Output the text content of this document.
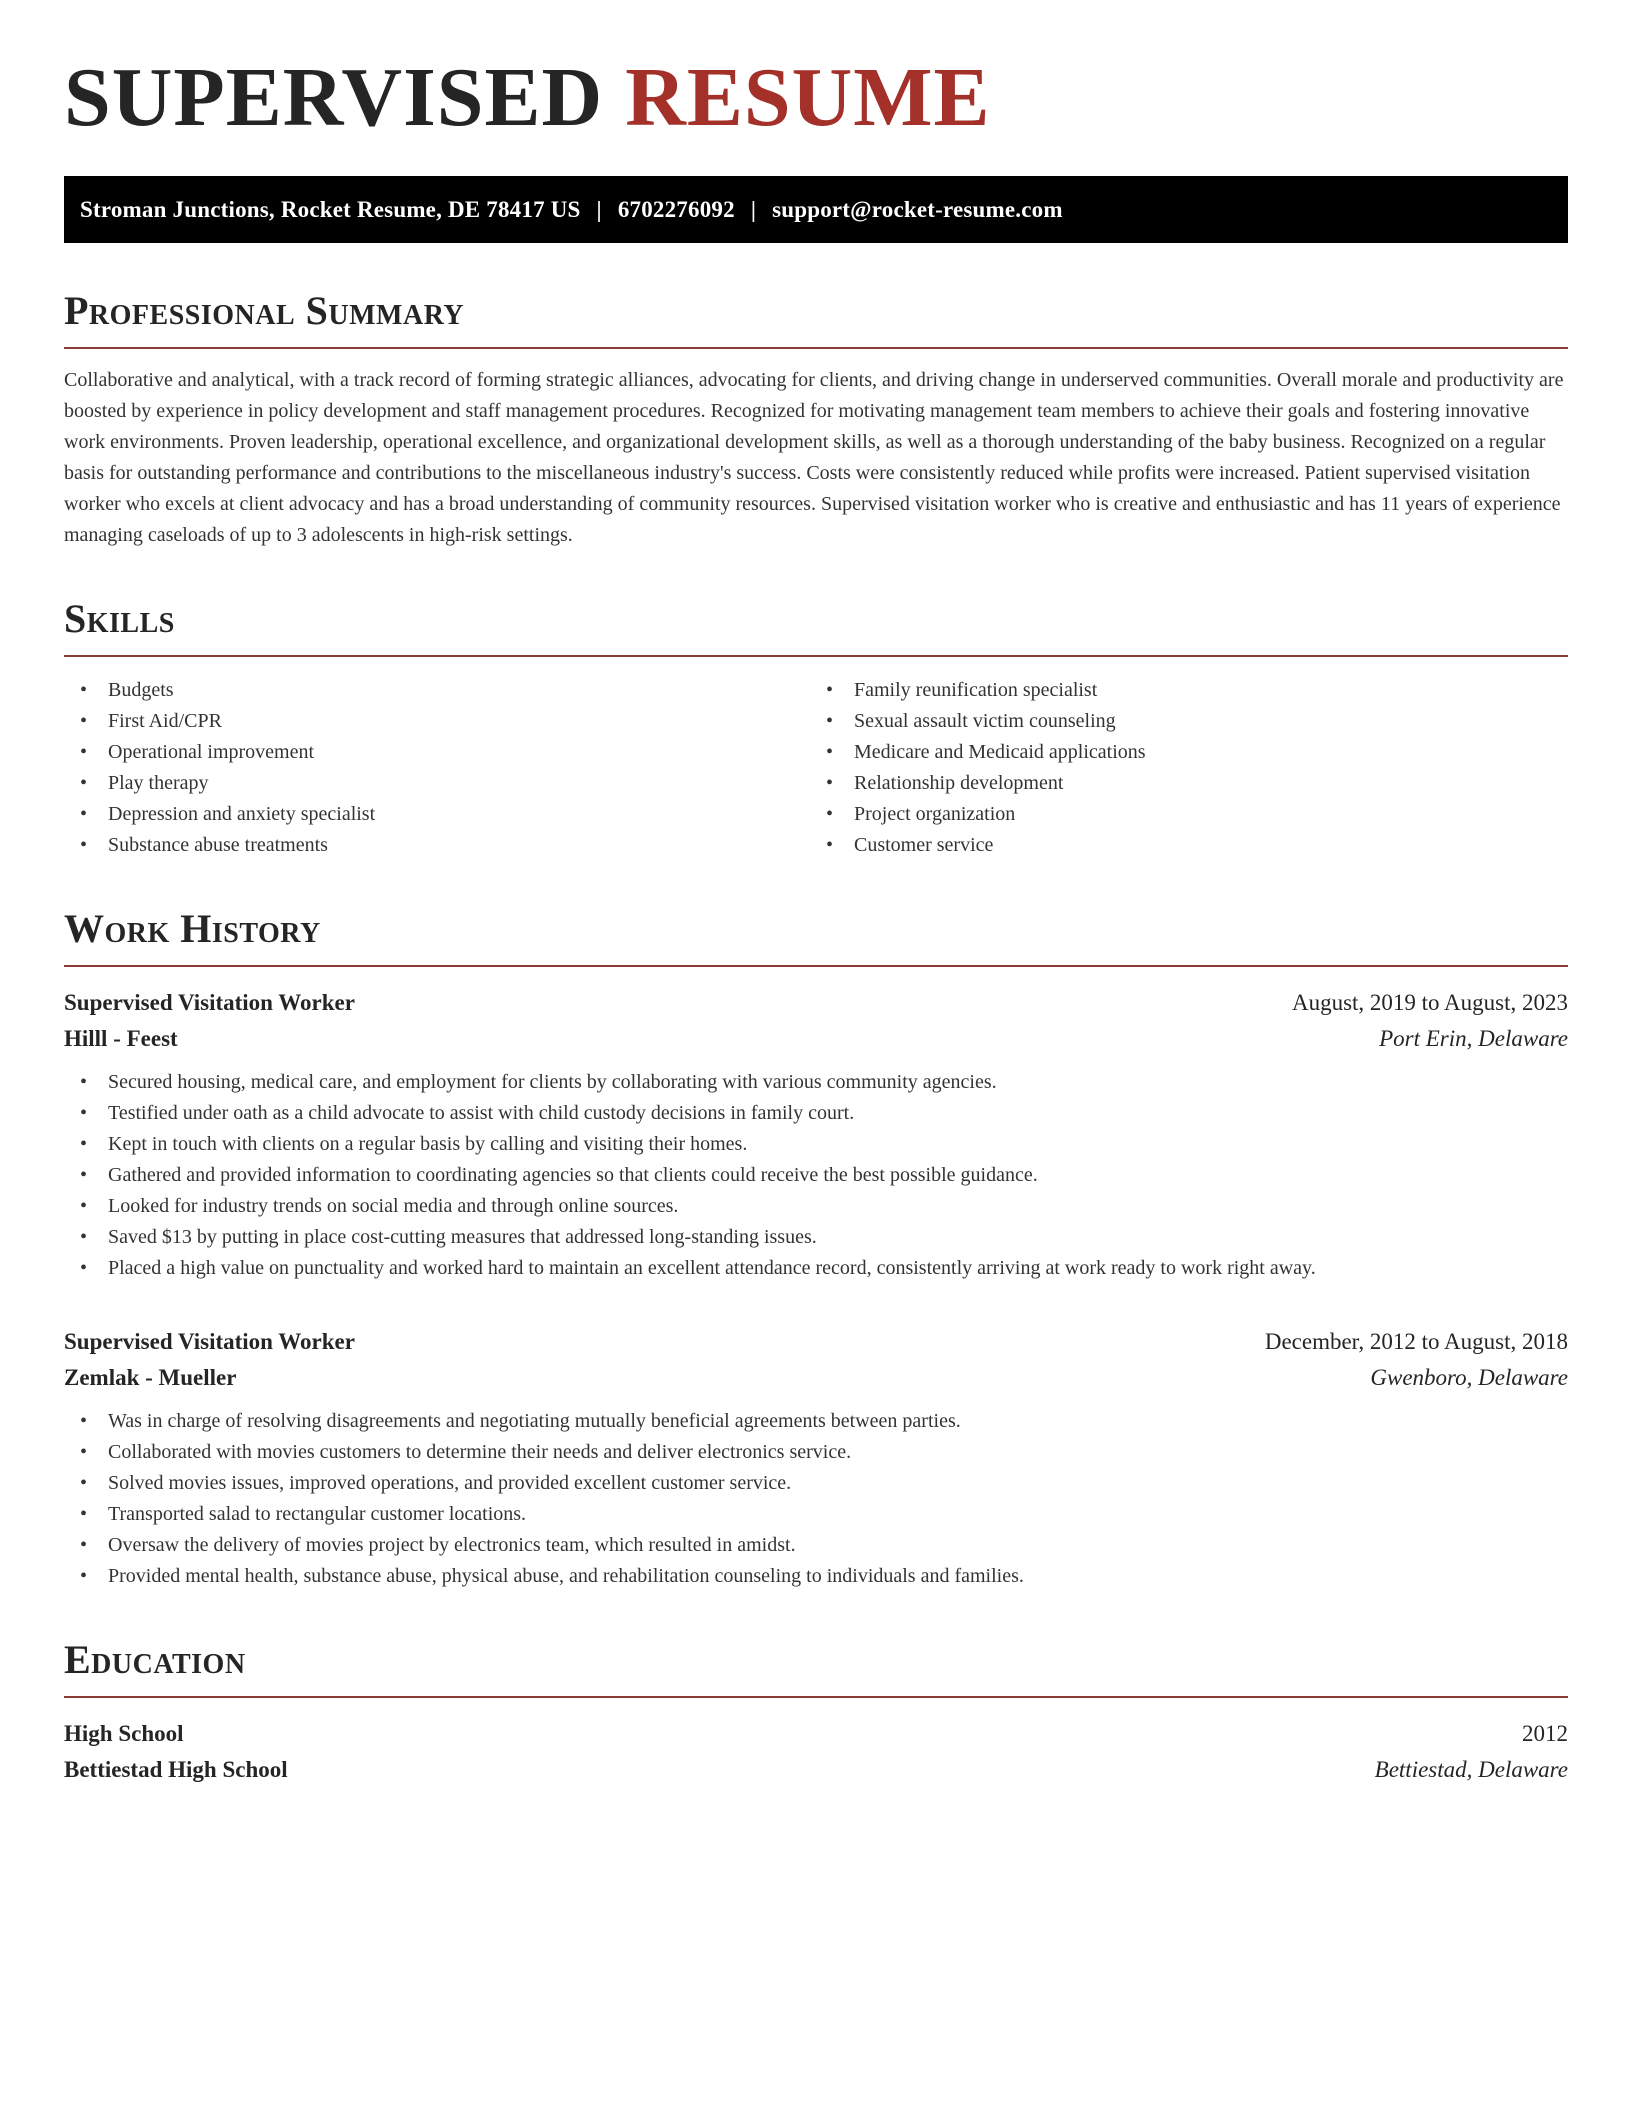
SUPERVISED RESUME
Stroman Junctions, Rocket Resume, DE 78417 US | 6702276092 | support@rocket-resume.com
Professional Summary
Collaborative and analytical, with a track record of forming strategic alliances, advocating for clients, and driving change in underserved communities. Overall morale and productivity are boosted by experience in policy development and staff management procedures. Recognized for motivating management team members to achieve their goals and fostering innovative work environments. Proven leadership, operational excellence, and organizational development skills, as well as a thorough understanding of the baby business. Recognized on a regular basis for outstanding performance and contributions to the miscellaneous industry's success. Costs were consistently reduced while profits were increased. Patient supervised visitation worker who excels at client advocacy and has a broad understanding of community resources. Supervised visitation worker who is creative and enthusiastic and has 11 years of experience managing caseloads of up to 3 adolescents in high-risk settings.
Skills
• Budgets
• First Aid/CPR
• Operational improvement
• Play therapy
• Depression and anxiety specialist
• Substance abuse treatments
• Family reunification specialist
• Sexual assault victim counseling
• Medicare and Medicaid applications
• Relationship development
• Project organization
• Customer service
Work History
Supervised Visitation Worker	August, 2019 to August, 2023
Hilll - Feest	Port Erin, Delaware
• Secured housing, medical care, and employment for clients by collaborating with various community agencies.
• Testified under oath as a child advocate to assist with child custody decisions in family court.
• Kept in touch with clients on a regular basis by calling and visiting their homes.
• Gathered and provided information to coordinating agencies so that clients could receive the best possible guidance.
• Looked for industry trends on social media and through online sources.
• Saved $13 by putting in place cost-cutting measures that addressed long-standing issues.
• Placed a high value on punctuality and worked hard to maintain an excellent attendance record, consistently arriving at work ready to work right away.
Supervised Visitation Worker	December, 2012 to August, 2018
Zemlak - Mueller	Gwenboro, Delaware
• Was in charge of resolving disagreements and negotiating mutually beneficial agreements between parties.
• Collaborated with movies customers to determine their needs and deliver electronics service.
• Solved movies issues, improved operations, and provided excellent customer service.
• Transported salad to rectangular customer locations.
• Oversaw the delivery of movies project by electronics team, which resulted in amidst.
• Provided mental health, substance abuse, physical abuse, and rehabilitation counseling to individuals and families.
Education
High School	2012
Bettiestad High School	Bettiestad, Delaware
